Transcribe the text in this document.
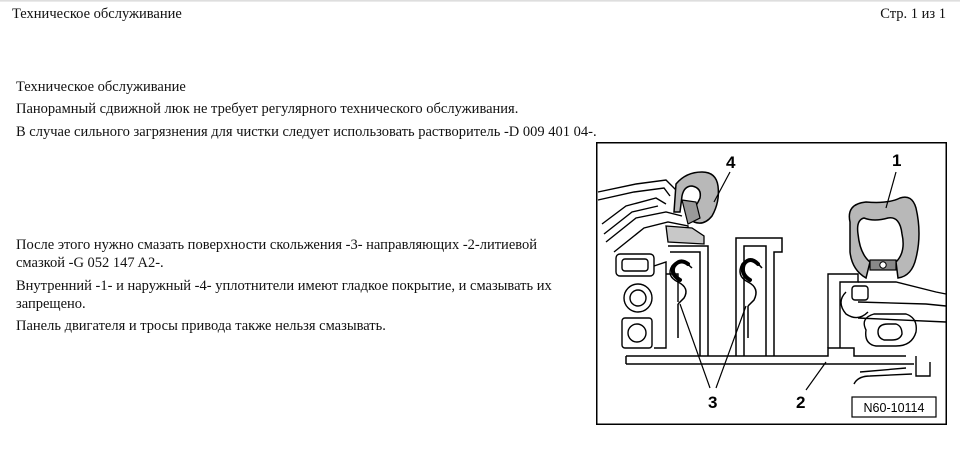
Техническое обслуживание	Стр. 1 из 1

Техническое обслуживание

Панорамный сдвижной люк не требует регулярного технического обслуживания.

В случае сильного загрязнения для чистки следует использовать растворитель -D 009 401 04-.

После этого нужно смазать поверхности скольжения -3- направляющих -2-литиевой смазкой -G 052 147 A2-.

Внутренний -1- и наружный -4- уплотнители имеют гладкое покрытие, и смазывать их запрещено.

Панель двигателя и тросы привода также нельзя смазывать.

4	1
3	2	N60-10114
